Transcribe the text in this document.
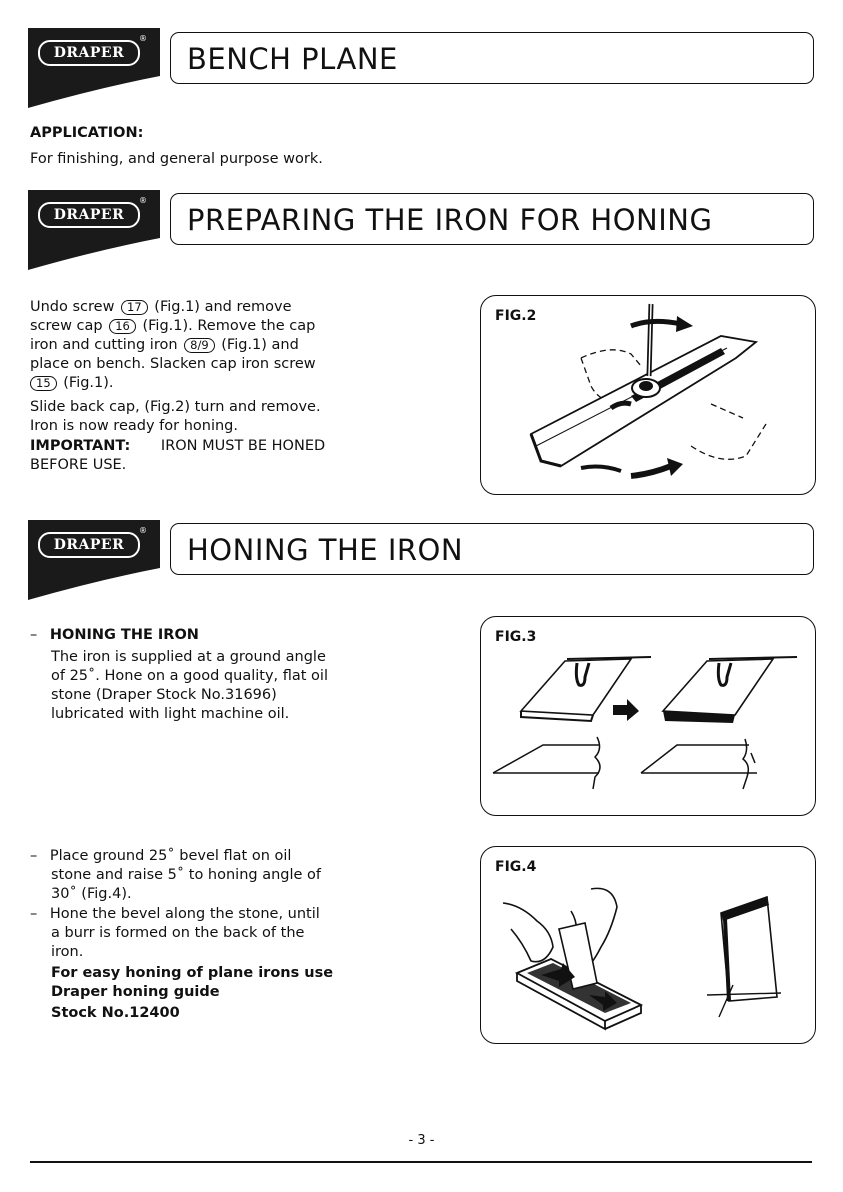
DRAPER
®
BENCH PLANE
APPLICATION:
For finishing, and general purpose work.
DRAPER
®
PREPARING THE IRON FOR HONING
Undo screw 17 (Fig.1) and remove
screw cap 16 (Fig.1). Remove the cap
iron and cutting iron 8/9 (Fig.1) and
place on bench. Slacken cap iron screw
15 (Fig.1).
Slide back cap, (Fig.2) turn and remove.
Iron is now ready for honing.
IMPORTANT: IRON MUST BE HONED
BEFORE USE.
FIG.2
DRAPER
®
HONING THE IRON
– HONING THE IRON
The iron is supplied at a ground angle
of 25˚. Hone on a good quality, flat oil
stone (Draper Stock No.31696)
lubricated with light machine oil.
– Place ground 25˚ bevel flat on oil
stone and raise 5˚ to honing angle of
30˚ (Fig.4).
– Hone the bevel along the stone, until
a burr is formed on the back of the
iron.
For easy honing of plane irons use
Draper honing guide
Stock No.12400
FIG.3
FIG.4
- 3 -
